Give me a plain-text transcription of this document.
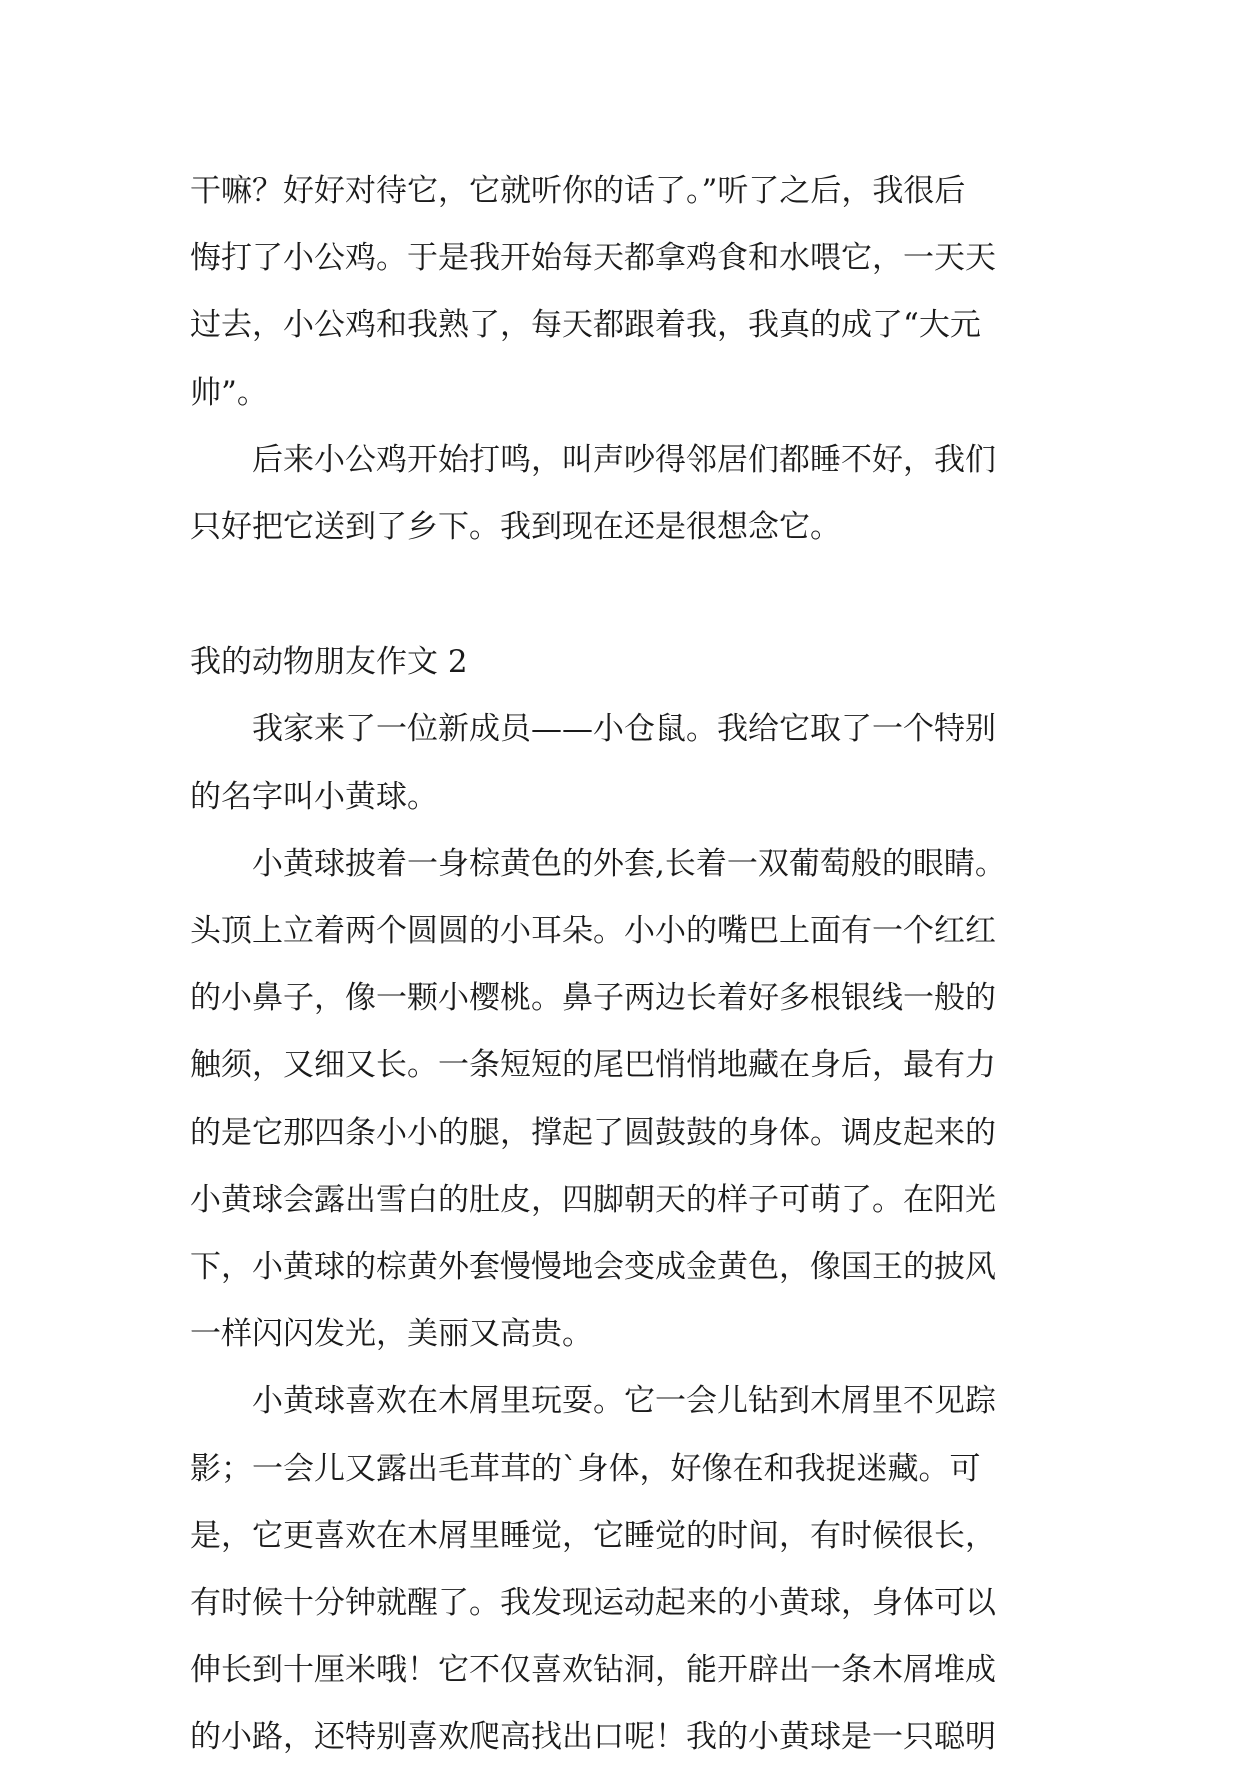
干嘛？好好对待它，它就听你的话了。”听了之后，我很后
悔打了小公鸡。于是我开始每天都拿鸡食和水喂它，一天天
过去，小公鸡和我熟了，每天都跟着我，我真的成了“大元
帅”。

后来小公鸡开始打鸣，叫声吵得邻居们都睡不好，我们
只好把它送到了乡下。我到现在还是很想念它。

我的动物朋友作文 2

我家来了一位新成员——小仓鼠。我给它取了一个特别
的名字叫小黄球。

小黄球披着一身棕黄色的外套,长着一双葡萄般的眼睛。
头顶上立着两个圆圆的小耳朵。小小的嘴巴上面有一个红红
的小鼻子，像一颗小樱桃。鼻子两边长着好多根银线一般的
触须，又细又长。一条短短的尾巴悄悄地藏在身后，最有力
的是它那四条小小的腿，撑起了圆鼓鼓的身体。调皮起来的
小黄球会露出雪白的肚皮，四脚朝天的样子可萌了。在阳光
下，小黄球的棕黄外套慢慢地会变成金黄色，像国王的披风
一样闪闪发光，美丽又高贵。

小黄球喜欢在木屑里玩耍。它一会儿钻到木屑里不见踪
影；一会儿又露出毛茸茸的`身体，好像在和我捉迷藏。可
是，它更喜欢在木屑里睡觉，它睡觉的时间，有时候很长，
有时候十分钟就醒了。我发现运动起来的小黄球，身体可以
伸长到十厘米哦！它不仅喜欢钻洞，能开辟出一条木屑堆成
的小路，还特别喜欢爬高找出口呢！我的小黄球是一只聪明
